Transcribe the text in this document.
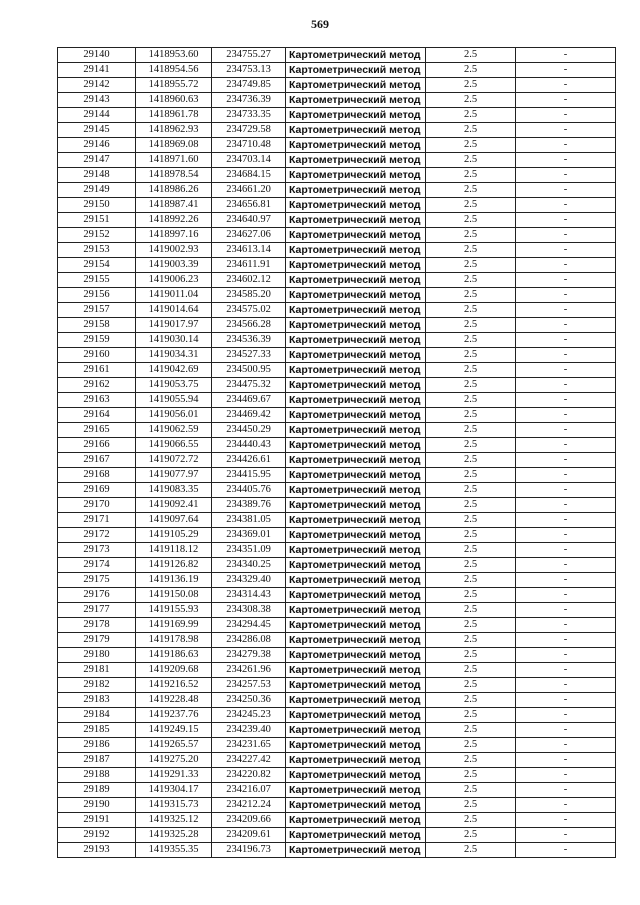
569
29140	1418953.60	234755.27	Картометрический метод	2.5	-
29141	1418954.56	234753.13	Картометрический метод	2.5	-
29142	1418955.72	234749.85	Картометрический метод	2.5	-
29143	1418960.63	234736.39	Картометрический метод	2.5	-
29144	1418961.78	234733.35	Картометрический метод	2.5	-
29145	1418962.93	234729.58	Картометрический метод	2.5	-
29146	1418969.08	234710.48	Картометрический метод	2.5	-
29147	1418971.60	234703.14	Картометрический метод	2.5	-
29148	1418978.54	234684.15	Картометрический метод	2.5	-
29149	1418986.26	234661.20	Картометрический метод	2.5	-
29150	1418987.41	234656.81	Картометрический метод	2.5	-
29151	1418992.26	234640.97	Картометрический метод	2.5	-
29152	1418997.16	234627.06	Картометрический метод	2.5	-
29153	1419002.93	234613.14	Картометрический метод	2.5	-
29154	1419003.39	234611.91	Картометрический метод	2.5	-
29155	1419006.23	234602.12	Картометрический метод	2.5	-
29156	1419011.04	234585.20	Картометрический метод	2.5	-
29157	1419014.64	234575.02	Картометрический метод	2.5	-
29158	1419017.97	234566.28	Картометрический метод	2.5	-
29159	1419030.14	234536.39	Картометрический метод	2.5	-
29160	1419034.31	234527.33	Картометрический метод	2.5	-
29161	1419042.69	234500.95	Картометрический метод	2.5	-
29162	1419053.75	234475.32	Картометрический метод	2.5	-
29163	1419055.94	234469.67	Картометрический метод	2.5	-
29164	1419056.01	234469.42	Картометрический метод	2.5	-
29165	1419062.59	234450.29	Картометрический метод	2.5	-
29166	1419066.55	234440.43	Картометрический метод	2.5	-
29167	1419072.72	234426.61	Картометрический метод	2.5	-
29168	1419077.97	234415.95	Картометрический метод	2.5	-
29169	1419083.35	234405.76	Картометрический метод	2.5	-
29170	1419092.41	234389.76	Картометрический метод	2.5	-
29171	1419097.64	234381.05	Картометрический метод	2.5	-
29172	1419105.29	234369.01	Картометрический метод	2.5	-
29173	1419118.12	234351.09	Картометрический метод	2.5	-
29174	1419126.82	234340.25	Картометрический метод	2.5	-
29175	1419136.19	234329.40	Картометрический метод	2.5	-
29176	1419150.08	234314.43	Картометрический метод	2.5	-
29177	1419155.93	234308.38	Картометрический метод	2.5	-
29178	1419169.99	234294.45	Картометрический метод	2.5	-
29179	1419178.98	234286.08	Картометрический метод	2.5	-
29180	1419186.63	234279.38	Картометрический метод	2.5	-
29181	1419209.68	234261.96	Картометрический метод	2.5	-
29182	1419216.52	234257.53	Картометрический метод	2.5	-
29183	1419228.48	234250.36	Картометрический метод	2.5	-
29184	1419237.76	234245.23	Картометрический метод	2.5	-
29185	1419249.15	234239.40	Картометрический метод	2.5	-
29186	1419265.57	234231.65	Картометрический метод	2.5	-
29187	1419275.20	234227.42	Картометрический метод	2.5	-
29188	1419291.33	234220.82	Картометрический метод	2.5	-
29189	1419304.17	234216.07	Картометрический метод	2.5	-
29190	1419315.73	234212.24	Картометрический метод	2.5	-
29191	1419325.12	234209.66	Картометрический метод	2.5	-
29192	1419325.28	234209.61	Картометрический метод	2.5	-
29193	1419355.35	234196.73	Картометрический метод	2.5	-
